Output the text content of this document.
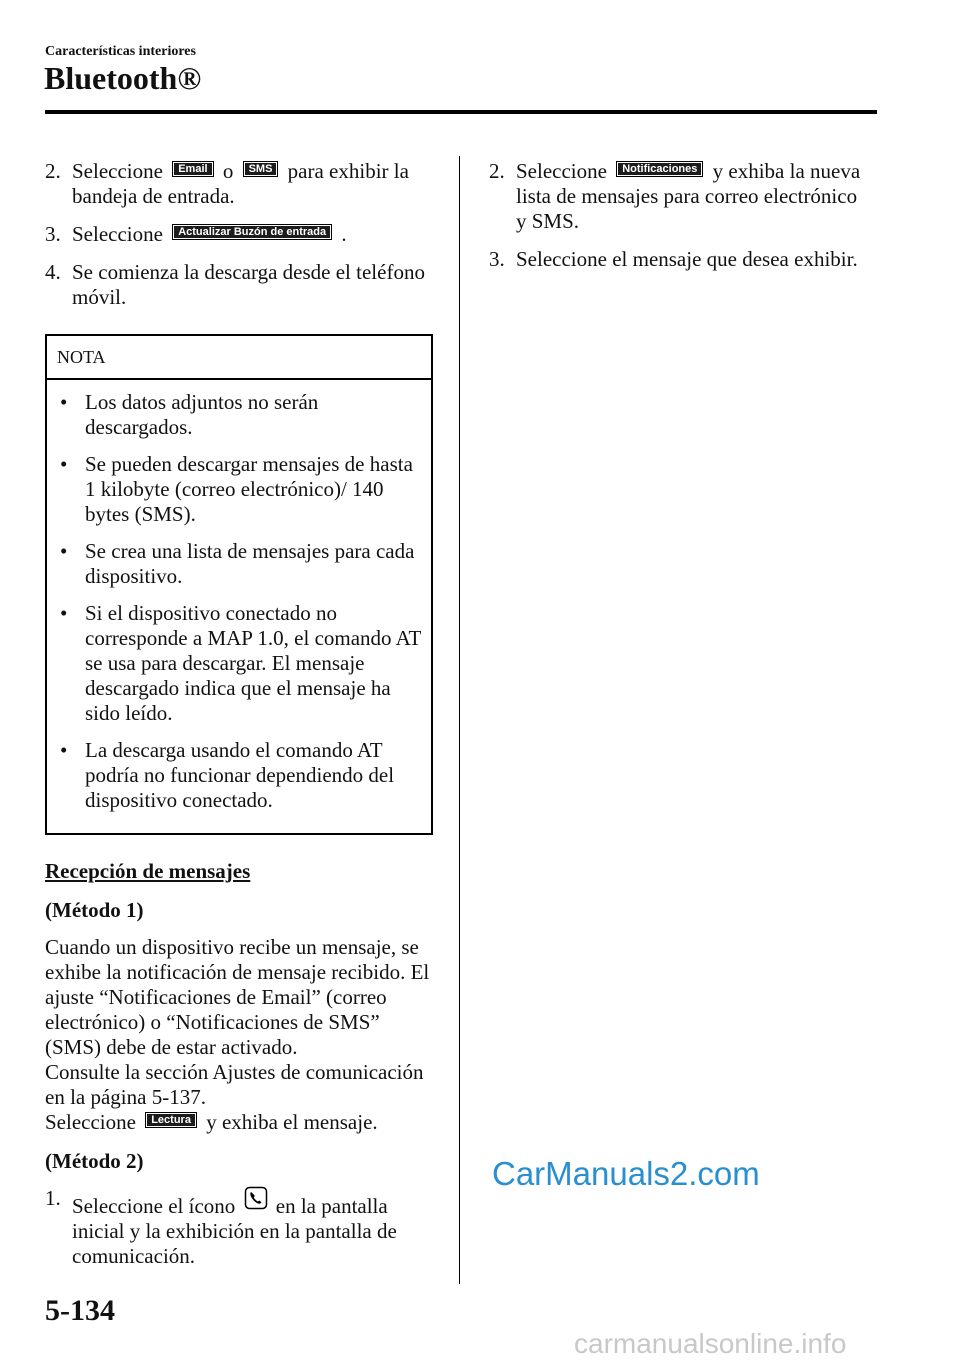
Características interiores
Bluetooth®
2. Seleccione Email o SMS para exhibir la bandeja de entrada.
3. Seleccione Actualizar Buzón de entrada .
4. Se comienza la descarga desde el teléfono móvil.
NOTA
• Los datos adjuntos no serán descargados.
• Se pueden descargar mensajes de hasta 1 kilobyte (correo electrónico)/ 140 bytes (SMS).
• Se crea una lista de mensajes para cada dispositivo.
• Si el dispositivo conectado no corresponde a MAP 1.0, el comando AT se usa para descargar. El mensaje descargado indica que el mensaje ha sido leído.
• La descarga usando el comando AT podría no funcionar dependiendo del dispositivo conectado.
Recepción de mensajes
(Método 1)
Cuando un dispositivo recibe un mensaje, se exhibe la notificación de mensaje recibido. El ajuste “Notificaciones de Email” (correo electrónico) o “Notificaciones de SMS” (SMS) debe de estar activado.
Consulte la sección Ajustes de comunicación en la página 5-137.
Seleccione Lectura y exhiba el mensaje.
(Método 2)
1. Seleccione el ícono en la pantalla inicial y la exhibición en la pantalla de comunicación.
2. Seleccione Notificaciones y exhiba la nueva lista de mensajes para correo electrónico y SMS.
3. Seleccione el mensaje que desea exhibir.
CarManuals2.com
5-134
carmanualsonline.info
